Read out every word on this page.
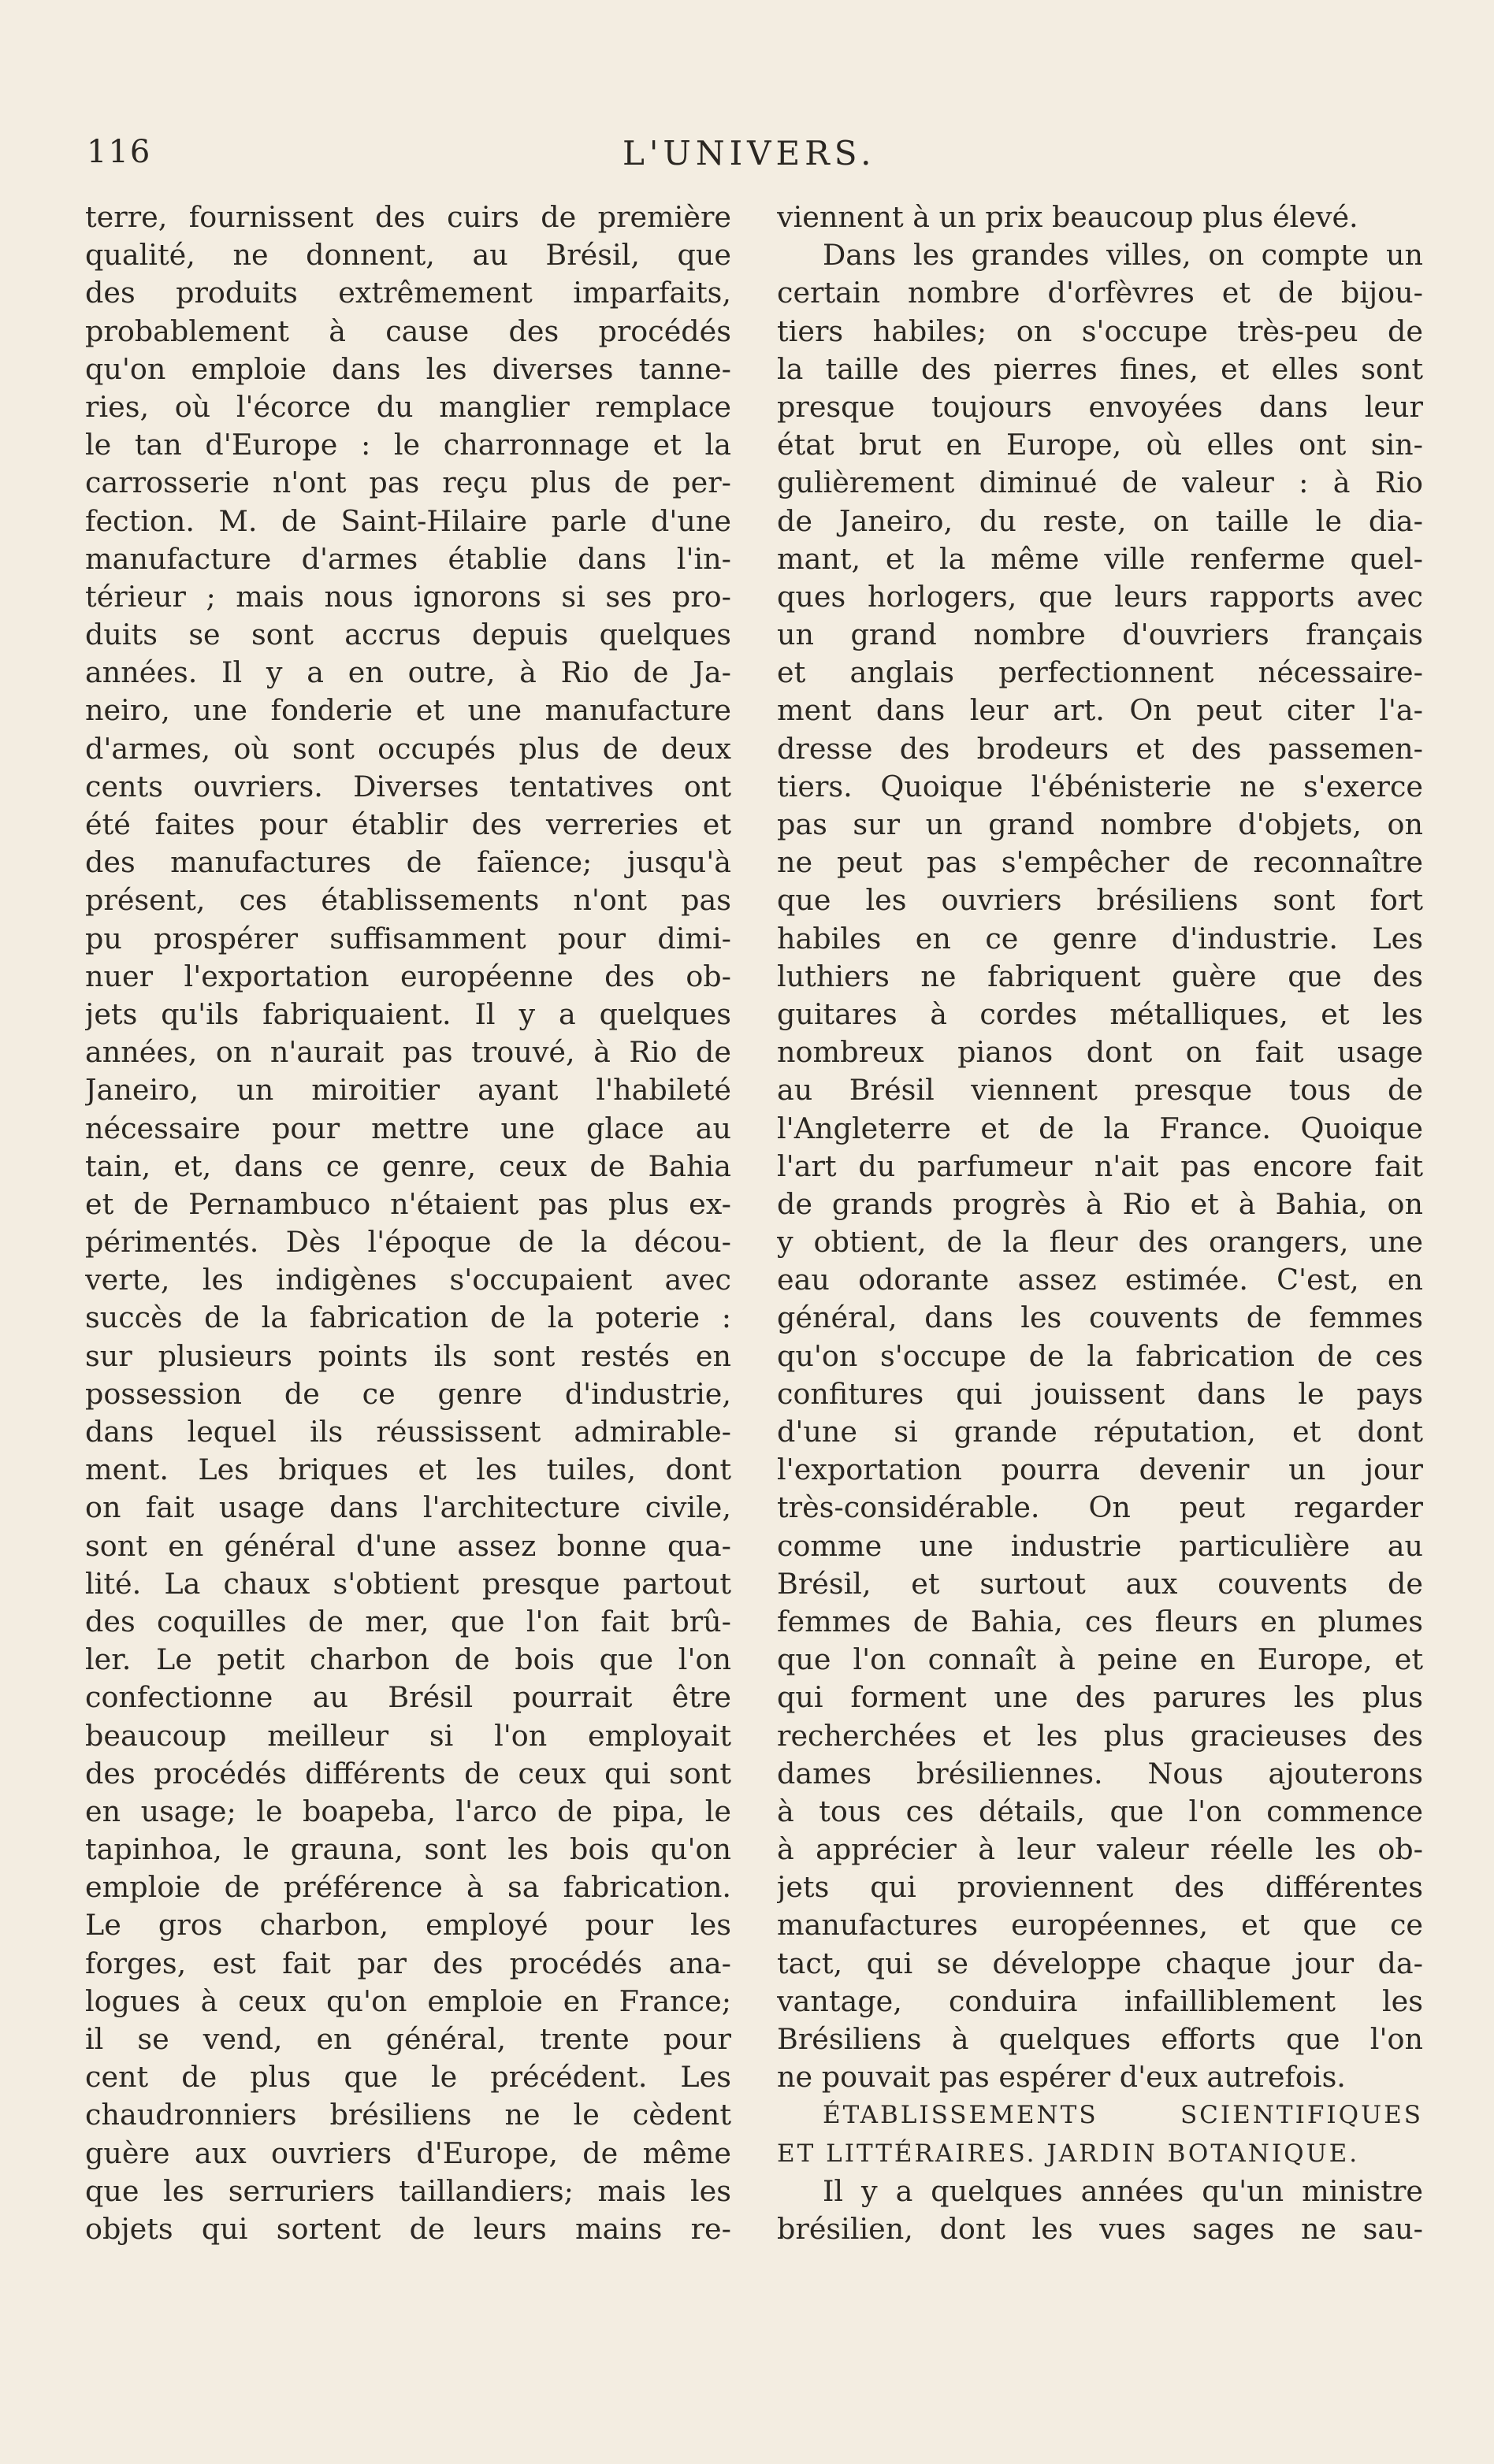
116	L'UNIVERS.
terre, fournissent des cuirs de première
qualité, ne donnent, au Brésil, que
des produits extrêmement imparfaits,
probablement à cause des procédés
qu'on emploie dans les diverses tanne-
ries, où l'écorce du manglier remplace
le tan d'Europe : le charronnage et la
carrosserie n'ont pas reçu plus de per-
fection. M. de Saint-Hilaire parle d'une
manufacture d'armes établie dans l'in-
térieur ; mais nous ignorons si ses pro-
duits se sont accrus depuis quelques
années. Il y a en outre, à Rio de Ja-
neiro, une fonderie et une manufacture
d'armes, où sont occupés plus de deux
cents ouvriers. Diverses tentatives ont
été faites pour établir des verreries et
des manufactures de faïence; jusqu'à
présent, ces établissements n'ont pas
pu prospérer suffisamment pour dimi-
nuer l'exportation européenne des ob-
jets qu'ils fabriquaient. Il y a quelques
années, on n'aurait pas trouvé, à Rio de
Janeiro, un miroitier ayant l'habileté
nécessaire pour mettre une glace au
tain, et, dans ce genre, ceux de Bahia
et de Pernambuco n'étaient pas plus ex-
périmentés. Dès l'époque de la décou-
verte, les indigènes s'occupaient avec
succès de la fabrication de la poterie :
sur plusieurs points ils sont restés en
possession de ce genre d'industrie,
dans lequel ils réussissent admirable-
ment. Les briques et les tuiles, dont
on fait usage dans l'architecture civile,
sont en général d'une assez bonne qua-
lité. La chaux s'obtient presque partout
des coquilles de mer, que l'on fait brû-
ler. Le petit charbon de bois que l'on
confectionne au Brésil pourrait être
beaucoup meilleur si l'on employait
des procédés différents de ceux qui sont
en usage; le boapeba, l'arco de pipa, le
tapinhoa, le grauna, sont les bois qu'on
emploie de préférence à sa fabrication.
Le gros charbon, employé pour les
forges, est fait par des procédés ana-
logues à ceux qu'on emploie en France;
il se vend, en général, trente pour
cent de plus que le précédent. Les
chaudronniers brésiliens ne le cèdent
guère aux ouvriers d'Europe, de même
que les serruriers taillandiers; mais les
objets qui sortent de leurs mains re-
viennent à un prix beaucoup plus élevé.
Dans les grandes villes, on compte un
certain nombre d'orfèvres et de bijou-
tiers habiles; on s'occupe très-peu de
la taille des pierres fines, et elles sont
presque toujours envoyées dans leur
état brut en Europe, où elles ont sin-
gulièrement diminué de valeur : à Rio
de Janeiro, du reste, on taille le dia-
mant, et la même ville renferme quel-
ques horlogers, que leurs rapports avec
un grand nombre d'ouvriers français
et anglais perfectionnent nécessaire-
ment dans leur art. On peut citer l'a-
dresse des brodeurs et des passemen-
tiers. Quoique l'ébénisterie ne s'exerce
pas sur un grand nombre d'objets, on
ne peut pas s'empêcher de reconnaître
que les ouvriers brésiliens sont fort
habiles en ce genre d'industrie. Les
luthiers ne fabriquent guère que des
guitares à cordes métalliques, et les
nombreux pianos dont on fait usage
au Brésil viennent presque tous de
l'Angleterre et de la France. Quoique
l'art du parfumeur n'ait pas encore fait
de grands progrès à Rio et à Bahia, on
y obtient, de la fleur des orangers, une
eau odorante assez estimée. C'est, en
général, dans les couvents de femmes
qu'on s'occupe de la fabrication de ces
confitures qui jouissent dans le pays
d'une si grande réputation, et dont
l'exportation pourra devenir un jour
très-considérable. On peut regarder
comme une industrie particulière au
Brésil, et surtout aux couvents de
femmes de Bahia, ces fleurs en plumes
que l'on connaît à peine en Europe, et
qui forment une des parures les plus
recherchées et les plus gracieuses des
dames brésiliennes. Nous ajouterons
à tous ces détails, que l'on commence
à apprécier à leur valeur réelle les ob-
jets qui proviennent des différentes
manufactures européennes, et que ce
tact, qui se développe chaque jour da-
vantage, conduira infailliblement les
Brésiliens à quelques efforts que l'on
ne pouvait pas espérer d'eux autrefois.
ÉTABLISSEMENTS SCIENTIFIQUES
ET LITTÉRAIRES. JARDIN BOTANIQUE.
Il y a quelques années qu'un ministre
brésilien, dont les vues sages ne sau-
